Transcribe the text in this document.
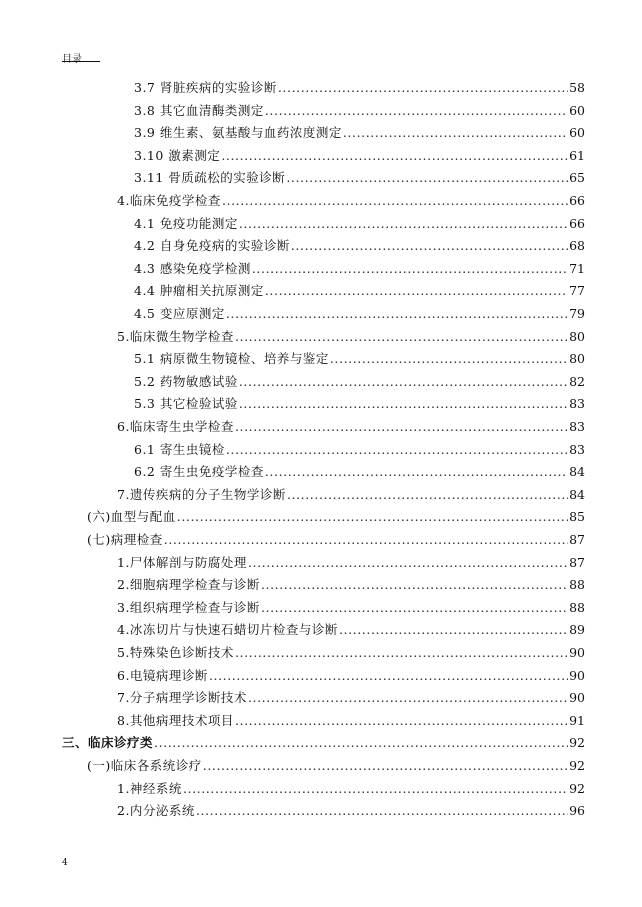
目录
3.7 肾脏疾病的实验诊断 .....	58
3.8 其它血清酶类测定 .....	60
3.9 维生素、氨基酸与血药浓度测定 .....	60
3.10 激素测定 .....	61
3.11 骨质疏松的实验诊断 .....	65
4.临床免疫学检查 .....	66
4.1 免疫功能测定 .....	66
4.2 自身免疫病的实验诊断 .....	68
4.3 感染免疫学检测 .....	71
4.4 肿瘤相关抗原测定 .....	77
4.5 变应原测定 .....	79
5.临床微生物学检查 .....	80
5.1 病原微生物镜检、培养与鉴定 .....	80
5.2 药物敏感试验 .....	82
5.3 其它检验试验 .....	83
6.临床寄生虫学检查 .....	83
6.1 寄生虫镜检 .....	83
6.2 寄生虫免疫学检查 .....	84
7.遗传疾病的分子生物学诊断 .....	84
(六)血型与配血 .....	85
(七)病理检查 .....	87
1.尸体解剖与防腐处理 .....	87
2.细胞病理学检查与诊断 .....	88
3.组织病理学检查与诊断 .....	88
4.冰冻切片与快速石蜡切片检查与诊断 .....	89
5.特殊染色诊断技术 .....	90
6.电镜病理诊断 .....	90
7.分子病理学诊断技术 .....	90
8.其他病理技术项目 .....	91
三、临床诊疗类 .....	92
(一)临床各系统诊疗 .....	92
1.神经系统 .....	92
2.内分泌系统 .....	96
4
